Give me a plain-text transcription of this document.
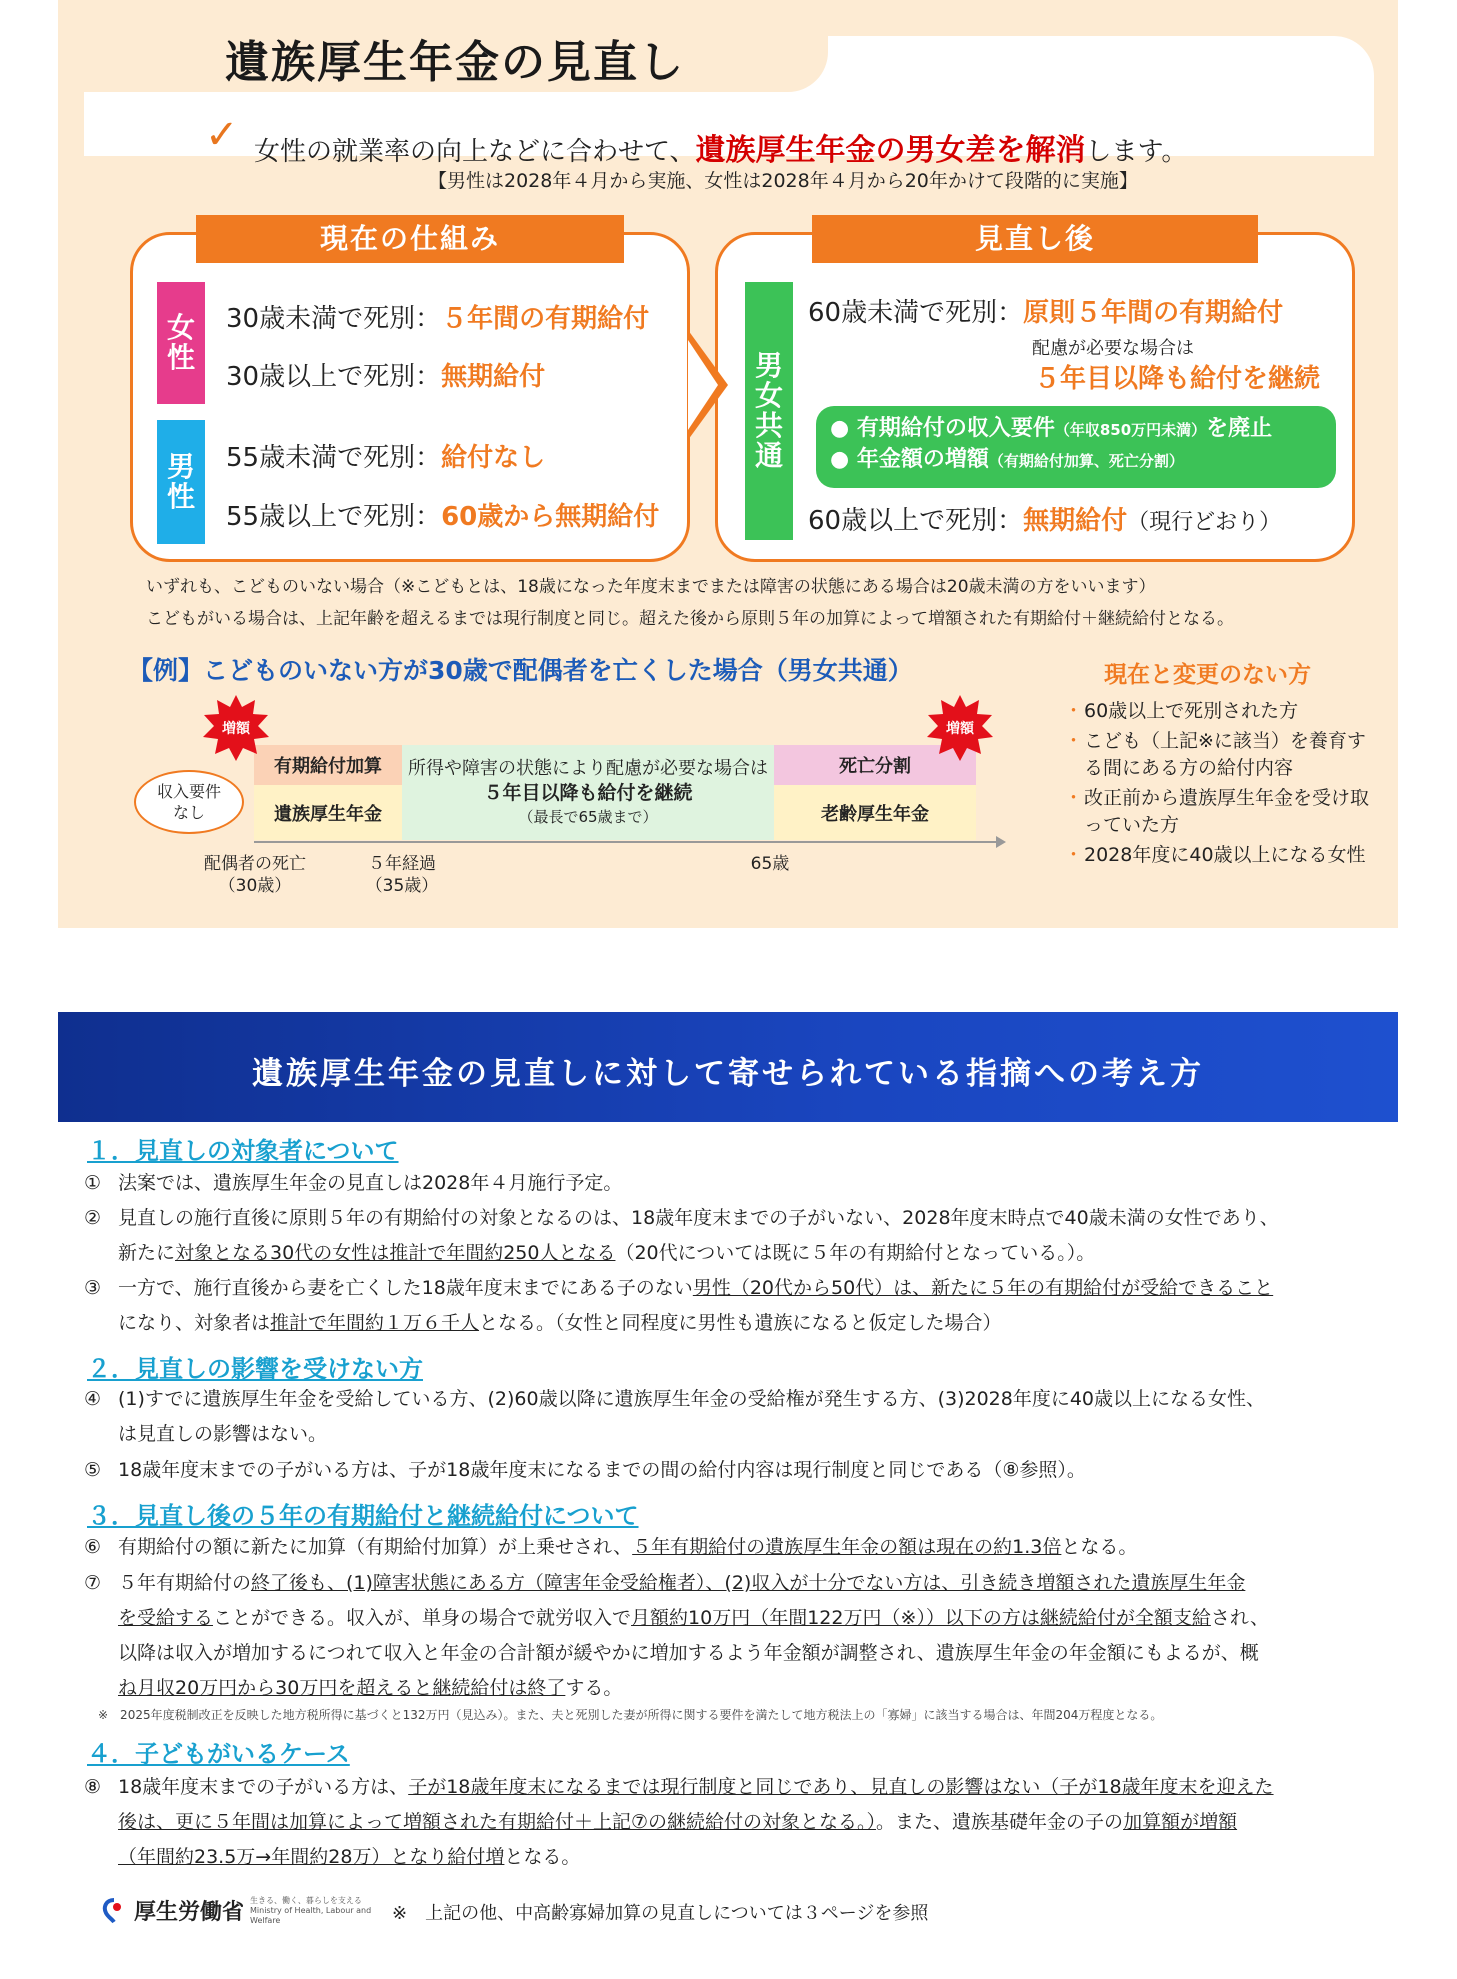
遺族厚生年金の見直し
✓ 女性の就業率の向上などに合わせて、遺族厚生年金の男女差を解消します。
【男性は2028年４月から実施、女性は2028年４月から20年かけて段階的に実施】
現在の仕組み	見直し後
女
性
男
性
男
女
共
通
30歳未満で死別：５年間の有期給付
30歳以上で死別：無期給付
55歳未満で死別：給付なし
55歳以上で死別：60歳から無期給付
60歳未満で死別：原則５年間の有期給付
配慮が必要な場合は
５年目以降も給付を継続
● 有期給付の収入要件（年収850万円未満）を廃止
● 年金額の増額（有期給付加算、死亡分割）
60歳以上で死別：無期給付（現行どおり）
いずれも、こどものいない場合（※こどもとは、18歳になった年度末までまたは障害の状態にある場合は20歳未満の方をいいます）
こどもがいる場合は、上記年齢を超えるまでは現行制度と同じ。超えた後から原則５年の加算によって増額された有期給付＋継続給付となる。
【例】こどものいない方が30歳で配偶者を亡くした場合（男女共通）
収入要件
なし
有期給付加算
遺族厚生年金
所得や障害の状態により配慮が必要な場合は
５年目以降も給付を継続
（最長で65歳まで）
死亡分割
老齢厚生年金
配偶者の死亡
（30歳）
５年経過
（35歳）
65歳
増額	増額
現在と変更のない方
・ 60歳以上で死別された方
・ こども（上記※に該当）を養育する間にある方の給付内容
・ 改正前から遺族厚生年金を受け取っていた方
・ 2028年度に40歳以上になる女性
遺族厚生年金の見直しに対して寄せられている指摘への考え方
１．見直しの対象者について
① 法案では、遺族厚生年金の見直しは2028年４月施行予定。
② 見直しの施行直後に原則５年の有期給付の対象となるのは、18歳年度末までの子がいない、2028年度末時点で40歳未満の女性であり、
新たに対象となる30代の女性は推計で年間約250人となる（20代については既に５年の有期給付となっている。）。
③ 一方で、施行直後から妻を亡くした18歳年度末までにある子のない男性（20代から50代）は、新たに５年の有期給付が受給できること
になり、対象者は推計で年間約１万６千人となる。（女性と同程度に男性も遺族になると仮定した場合）
２．見直しの影響を受けない方
④ (1)すでに遺族厚生年金を受給している方、(2)60歳以降に遺族厚生年金の受給権が発生する方、(3)2028年度に40歳以上になる女性、
は見直しの影響はない。
⑤ 18歳年度末までの子がいる方は、子が18歳年度末になるまでの間の給付内容は現行制度と同じである（⑧参照）。
３．見直し後の５年の有期給付と継続給付について
⑥ 有期給付の額に新たに加算（有期給付加算）が上乗せされ、５年有期給付の遺族厚生年金の額は現在の約1.3倍となる。
⑦ ５年有期給付の終了後も、(1)障害状態にある方（障害年金受給権者）、(2)収入が十分でない方は、引き続き増額された遺族厚生年金
を受給することができる。収入が、単身の場合で就労収入で月額約10万円（年間122万円（※））以下の方は継続給付が全額支給され、
以降は収入が増加するにつれて収入と年金の合計額が緩やかに増加するよう年金額が調整され、遺族厚生年金の年金額にもよるが、概
ね月収20万円から30万円を超えると継続給付は終了する。
※　2025年度税制改正を反映した地方税所得に基づくと132万円（見込み）。また、夫と死別した妻が所得に関する要件を満たして地方税法上の「寡婦」に該当する場合は、年間204万程度となる。
４．子どもがいるケース
⑧ 18歳年度末までの子がいる方は、子が18歳年度末になるまでは現行制度と同じであり、見直しの影響はない（子が18歳年度末を迎えた
後は、更に５年間は加算によって増額された有期給付＋上記⑦の継続給付の対象となる。）。また、遺族基礎年金の子の加算額が増額
（年間約23.5万→年間約28万）となり給付増となる。
厚生労働省 生きる、働く、暮らしを支える Ministry of Health, Labour and Welfare	※　上記の他、中高齢寡婦加算の見直しについては３ページを参照
